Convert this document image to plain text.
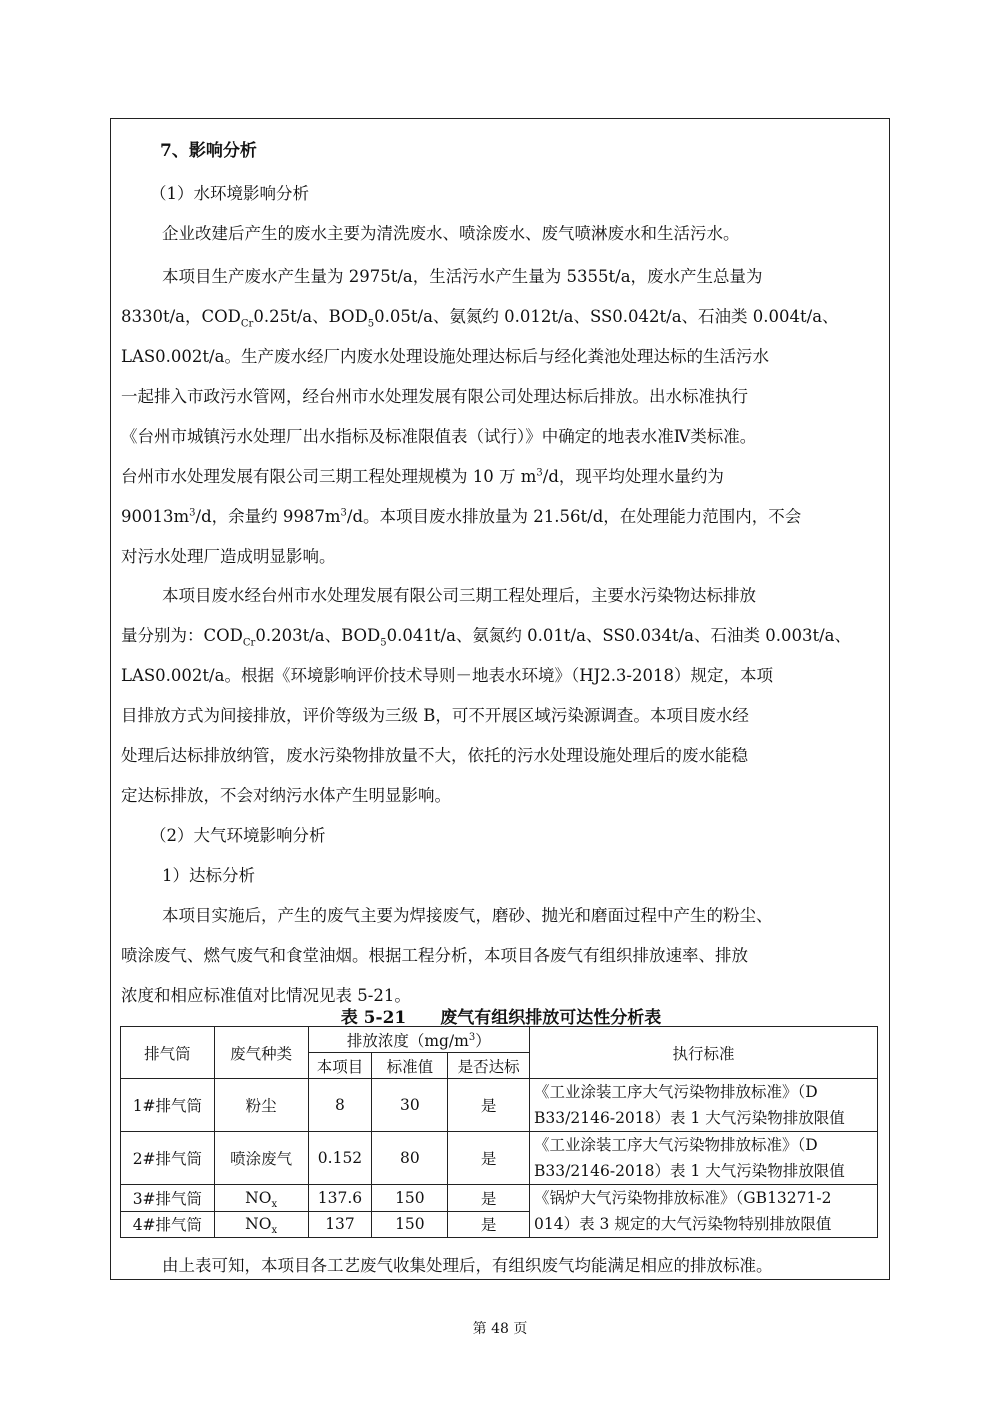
7、影响分析
（1）水环境影响分析
企业改建后产生的废水主要为清洗废水、喷涂废水、废气喷淋废水和生活污水。
本项目生产废水产生量为 2975t/a，生活污水产生量为 5355t/a，废水产生总量为
8330t/a，$COD_{Cr}0.25t/a$、$BOD_50.05t/a$、氨氮约 0.012t/a、SS0.042t/a、石油类 0.004t/a、
LAS0.002t/a。生产废水经厂内废水处理设施处理达标后与经化粪池处理达标的生活污水
一起排入市政污水管网，经台州市水处理发展有限公司处理达标后排放。出水标准执行
《台州市城镇污水处理厂出水指标及标准限值表（试行）》中确定的地表水准Ⅳ类标准。
台州市水处理发展有限公司三期工程处理规模为 10 万 $m^3/d$，现平均处理水量约为
$90013m^3/d$，余量约 $9987m^3/d$。本项目废水排放量为 21.56t/d，在处理能力范围内，不会
对污水处理厂造成明显影响。
本项目废水经台州市水处理发展有限公司三期工程处理后，主要水污染物达标排放
量分别为：$COD_{Cr}0.203t/a$、$BOD_50.041t/a$、氨氮约 0.01t/a、SS0.034t/a、石油类 0.003t/a、
LAS0.002t/a。根据《环境影响评价技术导则－地表水环境》（HJ2.3-2018）规定，本项
目排放方式为间接排放，评价等级为三级 B，可不开展区域污染源调查。本项目废水经
处理后达标排放纳管，废水污染物排放量不大，依托的污水处理设施处理后的废水能稳
定达标排放，不会对纳污水体产生明显影响。
（2）大气环境影响分析
1）达标分析
本项目实施后，产生的废气主要为焊接废气，磨砂、抛光和磨面过程中产生的粉尘、
喷涂废气、燃气废气和食堂油烟。根据工程分析，本项目各废气有组织排放速率、排放
浓度和相应标准值对比情况见表 5-21。
表 5-21　　废气有组织排放可达性分析表
排气筒	废气种类	排放浓度$(mg/m^3)$			执行标准
		本项目	标准值	是否达标	
1#排气筒	粉尘	8	30	是	《工业涂装工序大气污染物排放标准》（D
B33/2146-2018）表 1 大气污染物排放限值

2#排气筒	喷涂废气	0.152	80	是	《工业涂装工序大气污染物排放标准》（D
B33/2146-2018）表 1 大气污染物排放限值

3#排气筒	$NO_x$	137.6	150	是	《锅炉大气污染物排放标准》（GB13271-2
014）表 3 规定的大气污染物特别排放限值

4#排气筒	$NO_x$	137	150	是	
由上表可知，本项目各工艺废气收集处理后，有组织废气均能满足相应的排放标准。
第 48 页
